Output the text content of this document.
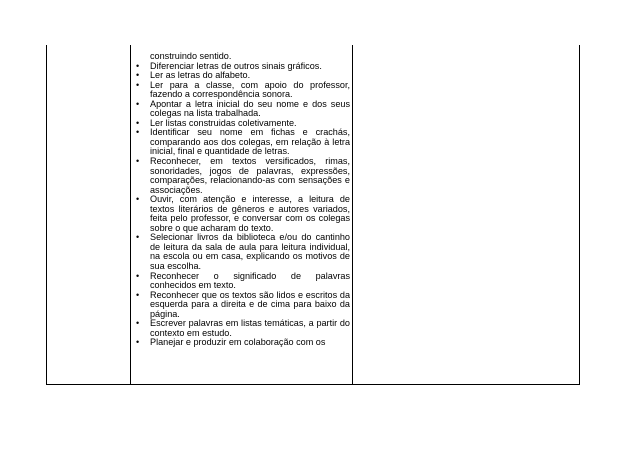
construindo sentido.
• Diferenciar letras de outros sinais gráficos.
• Ler as letras do alfabeto.
• Ler para a classe, com apoio do professor, fazendo a correspondência sonora.
• Apontar a letra inicial do seu nome e dos seus colegas na lista trabalhada.
• Ler listas construidas coletivamente.
• Identificar seu nome em fichas e crachás, comparando aos dos colegas, em relação à letra inicial, final e quantidade de letras.
• Reconhecer, em textos versificados, rimas, sonoridades, jogos de palavras, expressões, comparações, relacionando-as com sensações e associações.
• Ouvir, com atenção e interesse, a leitura de textos literários de gêneros e autores variados, feita pelo professor, e conversar com os colegas sobre o que acharam do texto.
• Selecionar livros da biblioteca e/ou do cantinho de leitura da sala de aula para leitura individual, na escola ou em casa, explicando os motivos de sua escolha.
• Reconhecer o significado de palavras conhecidos em texto.
• Reconhecer que os textos são lidos e escritos da esquerda para a direita e de cima para baixo da página.
• Escrever palavras em listas temáticas, a partir do contexto em estudo.
• Planejar e produzir em colaboração com os
